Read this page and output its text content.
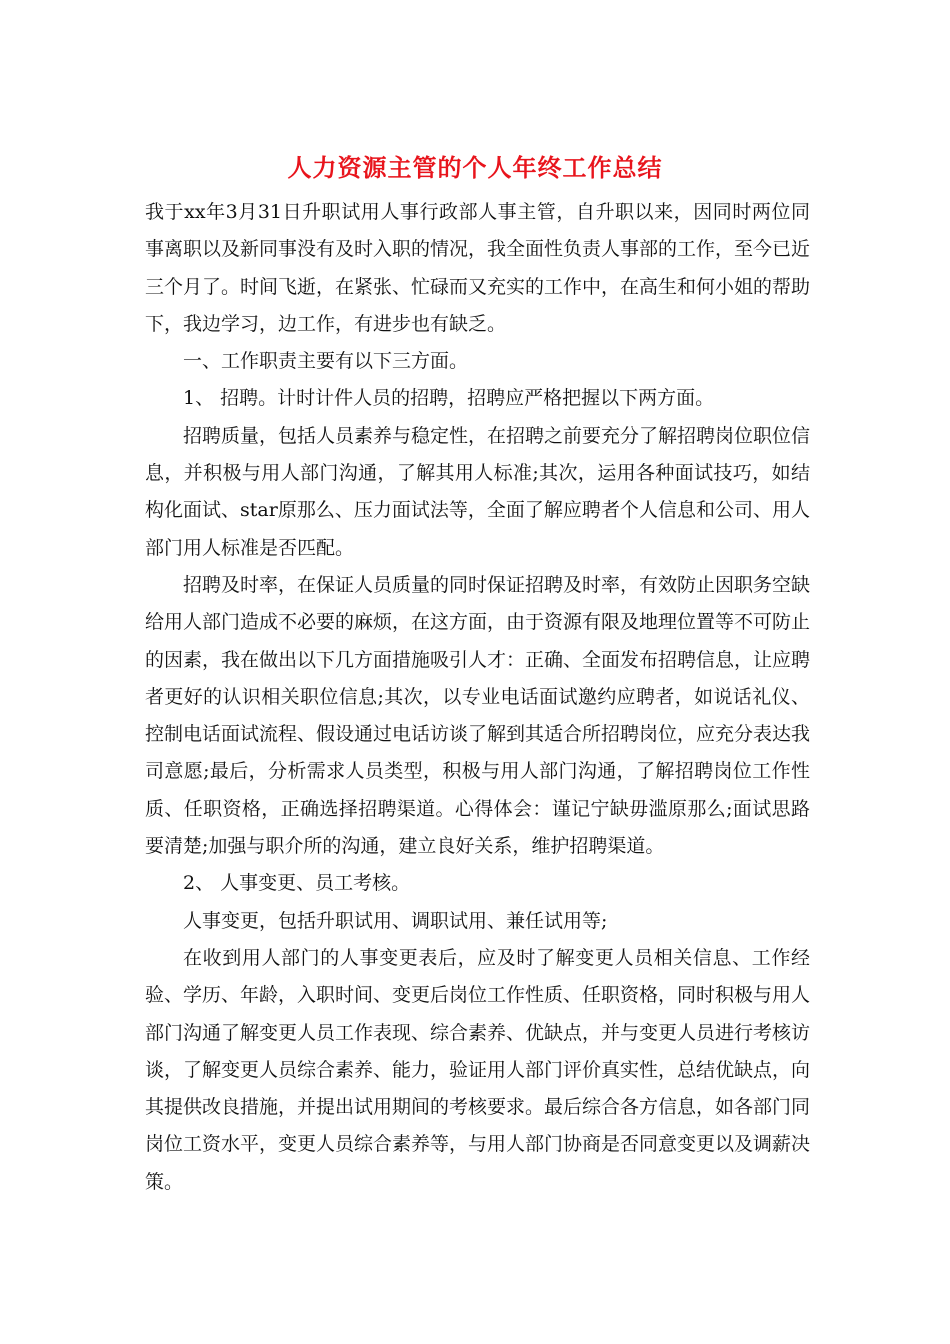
人力资源主管的个人年终工作总结

我于xx年3月31日升职试用人事行政部人事主管，自升职以来，因同时两位同事离职以及新同事没有及时入职的情况，我全面性负责人事部的工作，至今已近三个月了。时间飞逝，在紧张、忙碌而又充实的工作中，在高生和何小姐的帮助下，我边学习，边工作，有进步也有缺乏。

一、工作职责主要有以下三方面。

1、 招聘。计时计件人员的招聘，招聘应严格把握以下两方面。

招聘质量，包括人员素养与稳定性，在招聘之前要充分了解招聘岗位职位信息，并积极与用人部门沟通，了解其用人标准;其次，运用各种面试技巧，如结构化面试、star原那么、压力面试法等，全面了解应聘者个人信息和公司、用人部门用人标准是否匹配。

招聘及时率，在保证人员质量的同时保证招聘及时率，有效防止因职务空缺给用人部门造成不必要的麻烦，在这方面，由于资源有限及地理位置等不可防止的因素，我在做出以下几方面措施吸引人才：正确、全面发布招聘信息，让应聘者更好的认识相关职位信息;其次，以专业电话面试邀约应聘者，如说话礼仪、控制电话面试流程、假设通过电话访谈了解到其适合所招聘岗位，应充分表达我司意愿;最后，分析需求人员类型，积极与用人部门沟通，了解招聘岗位工作性质、任职资格，正确选择招聘渠道。心得体会：谨记宁缺毋滥原那么;面试思路要清楚;加强与职介所的沟通，建立良好关系，维护招聘渠道。

2、 人事变更、员工考核。

人事变更，包括升职试用、调职试用、兼任试用等;

在收到用人部门的人事变更表后，应及时了解变更人员相关信息、工作经验、学历、年龄，入职时间、变更后岗位工作性质、任职资格，同时积极与用人部门沟通了解变更人员工作表现、综合素养、优缺点，并与变更人员进行考核访谈，了解变更人员综合素养、能力，验证用人部门评价真实性，总结优缺点，向其提供改良措施，并提出试用期间的考核要求。最后综合各方信息，如各部门同岗位工资水平，变更人员综合素养等，与用人部门协商是否同意变更以及调薪决策。
